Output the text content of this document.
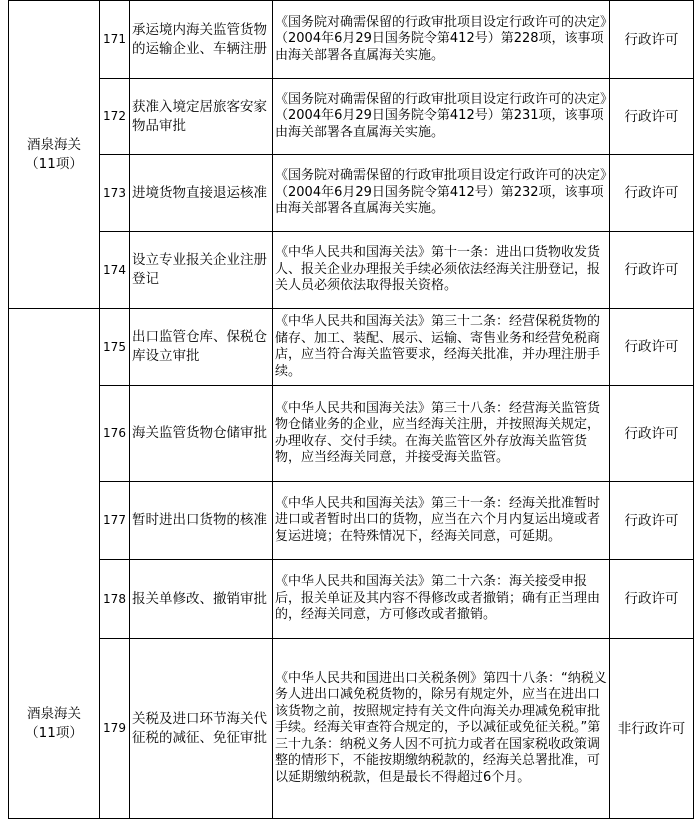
酒泉海关
（11项）	171	承运境内海关监管货物的运输企业、车辆注册	《国务院对确需保留的行政审批项目设定行政许可的决定》（2004年6月29日国务院令第412号）第228项，该事项由海关部署各直属海关实施。	行政许可
	172	获准入境定居旅客安家物品审批	《国务院对确需保留的行政审批项目设定行政许可的决定》（2004年6月29日国务院令第412号）第231项，该事项由海关部署各直属海关实施。	行政许可
	173	进境货物直接退运核准	《国务院对确需保留的行政审批项目设定行政许可的决定》（2004年6月29日国务院令第412号）第232项，该事项由海关部署各直属海关实施。	行政许可
	174	设立专业报关企业注册登记	《中华人民共和国海关法》第十一条：进出口货物收发货人、报关企业办理报关手续必须依法经海关注册登记，报关人员必须依法取得报关资格。	行政许可

酒泉海关
（11项）	175	出口监管仓库、保税仓库设立审批	《中华人民共和国海关法》第三十二条：经营保税货物的储存、加工、装配、展示、运输、寄售业务和经营免税商店，应当符合海关监管要求，经海关批准，并办理注册手续。	行政许可
	176	海关监管货物仓储审批	《中华人民共和国海关法》第三十八条：经营海关监管货物仓储业务的企业，应当经海关注册，并按照海关规定，办理收存、交付手续。在海关监管区外存放海关监管货物，应当经海关同意，并接受海关监管。	行政许可
	177	暂时进出口货物的核准	《中华人民共和国海关法》第三十一条：经海关批准暂时进口或者暂时出口的货物，应当在六个月内复运出境或者复运进境；在特殊情况下，经海关同意，可延期。	行政许可
	178	报关单修改、撤销审批	《中华人民共和国海关法》第二十六条：海关接受申报后，报关单证及其内容不得修改或者撤销；确有正当理由的，经海关同意，方可修改或者撤销。	行政许可
	179	关税及进口环节海关代征税的减征、免征审批	《中华人民共和国进出口关税条例》第四十八条：“纳税义务人进出口减免税货物的，除另有规定外，应当在进出口该货物之前，按照规定持有关文件向海关办理减免税审批手续。经海关审查符合规定的，予以减征或免征关税。”第三十九条：纳税义务人因不可抗力或者在国家税收政策调整的情形下，不能按期缴纳税款的，经海关总署批准，可以延期缴纳税款，但是最长不得超过6个月。	非行政许可
